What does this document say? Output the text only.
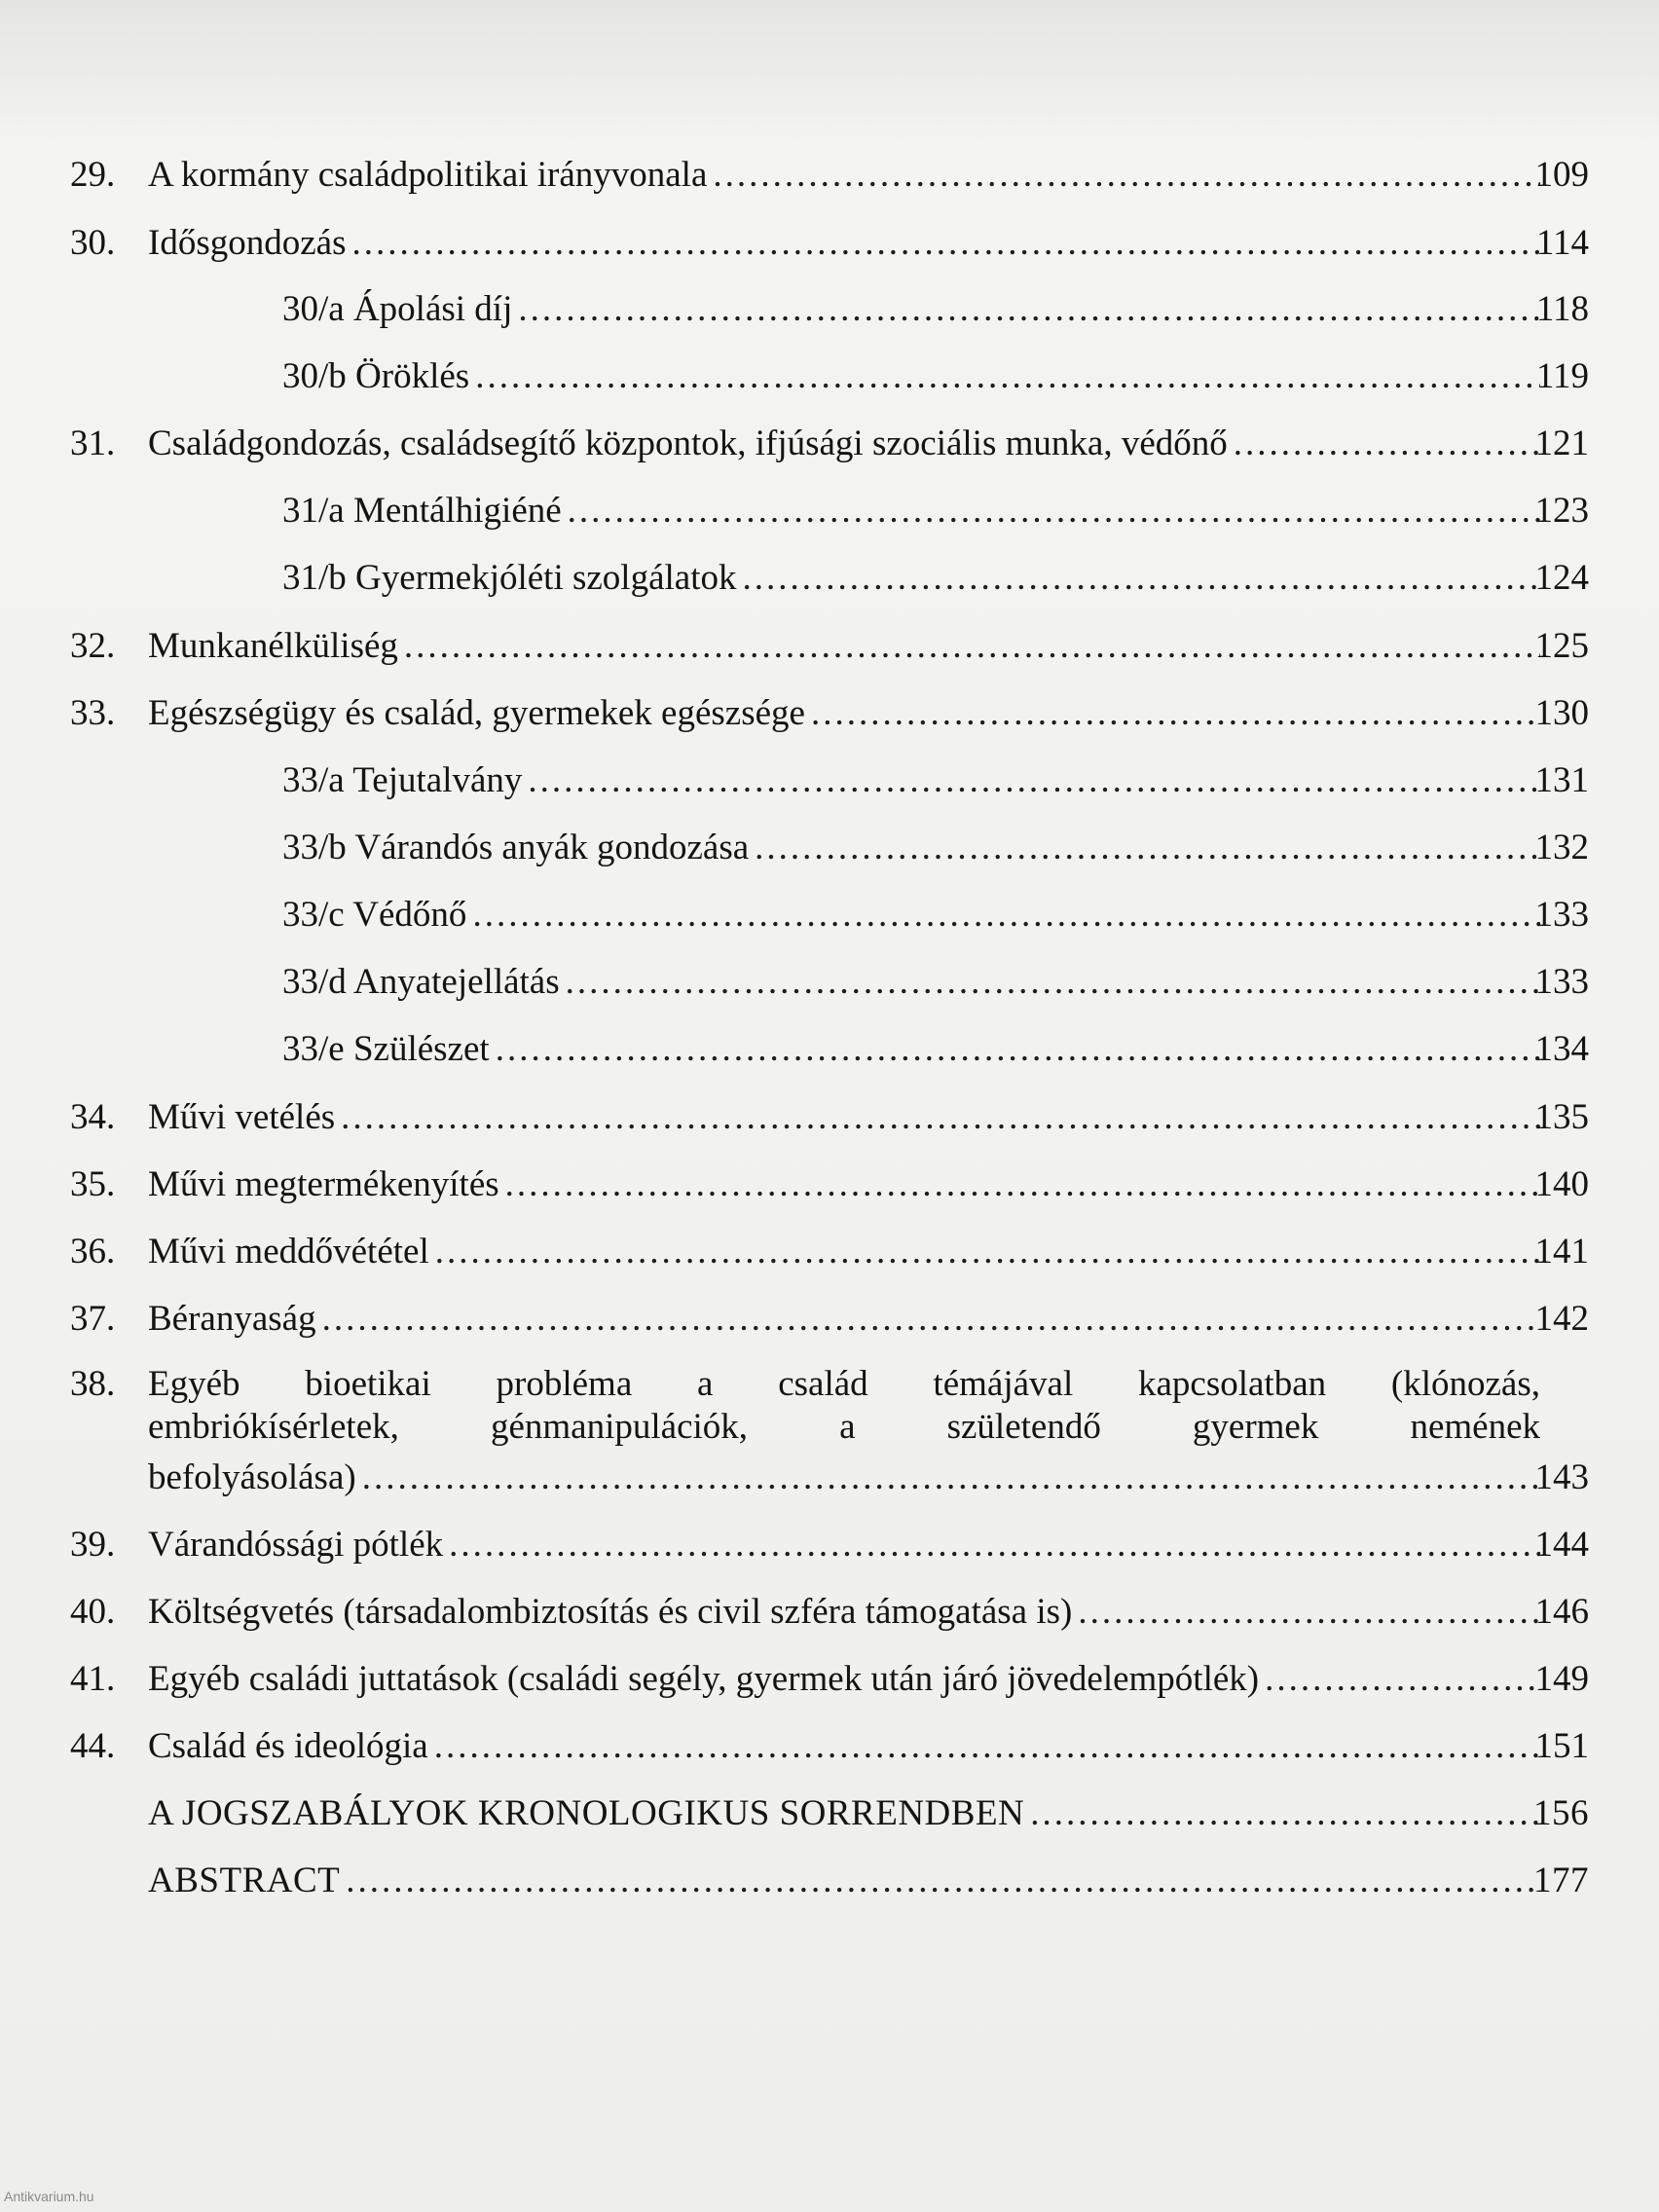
29. A kormány családpolitikai irányvonala .....	109
30. Idősgondozás .....	114
30/a Ápolási díj .....	118
30/b Öröklés .....	119
31. Családgondozás, családsegítő központok, ifjúsági szociális munka, védőnő .....	121
31/a Mentálhigiéné .....	123
31/b Gyermekjóléti szolgálatok .....	124
32. Munkanélküliség .....	125
33. Egészségügy és család, gyermekek egészsége .....	130
33/a Tejutalvány .....	131
33/b Várandós anyák gondozása .....	132
33/c Védőnő .....	133
33/d Anyatejellátás .....	133
33/e Szülészet .....	134
34. Művi vetélés .....	135
35. Művi megtermékenyítés .....	140
36. Művi meddővététel .....	141
37. Béranyaság .....	142
38. Egyéb bioetikai probléma a család témájával kapcsolatban (klónozás,
embriókísérletek, génmanipulációk, a születendő gyermek nemének
befolyásolása) .....	143
39. Várandóssági pótlék .....	144
40. Költségvetés (társadalombiztosítás és civil szféra támogatása is) .....	146
41. Egyéb családi juttatások (családi segély, gyermek után járó jövedelempótlék) .....	149
44. Család és ideológia .....	151
A JOGSZABÁLYOK KRONOLOGIKUS SORRENDBEN .....	156
ABSTRACT .....	177
Antikvarium.hu
